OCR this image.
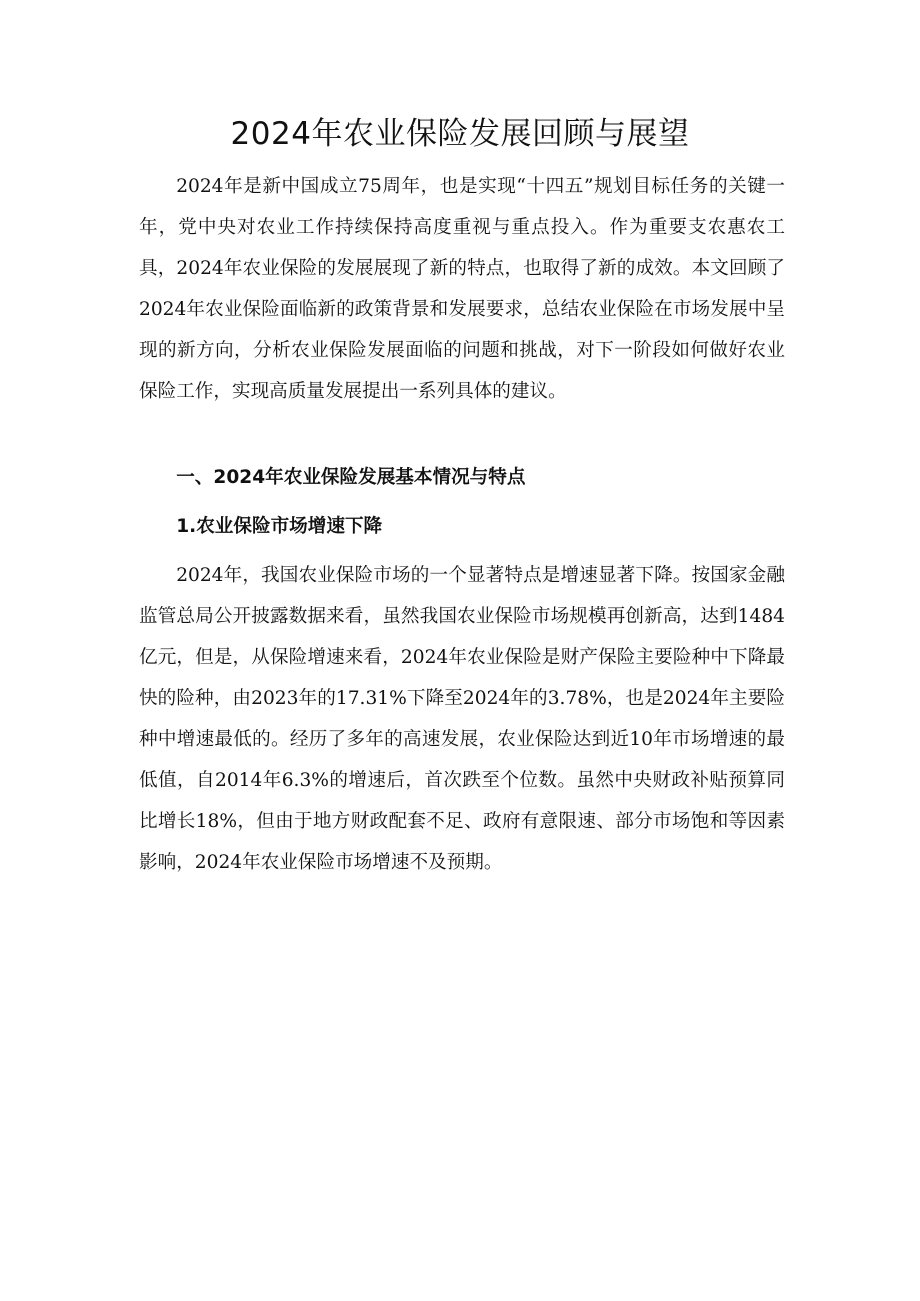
2024年农业保险发展回顾与展望

2024年是新中国成立75周年，也是实现“十四五”规划目标任务的关键一年，党中央对农业工作持续保持高度重视与重点投入。作为重要支农惠农工具，2024年农业保险的发展展现了新的特点，也取得了新的成效。本文回顾了2024年农业保险面临新的政策背景和发展要求，总结农业保险在市场发展中呈现的新方向，分析农业保险发展面临的问题和挑战，对下一阶段如何做好农业保险工作，实现高质量发展提出一系列具体的建议。

一、2024年农业保险发展基本情况与特点
1.农业保险市场增速下降

2024年，我国农业保险市场的一个显著特点是增速显著下降。按国家金融监管总局公开披露数据来看，虽然我国农业保险市场规模再创新高，达到1484亿元，但是，从保险增速来看，2024年农业保险是财产保险主要险种中下降最快的险种，由2023年的17.31%下降至2024年的3.78%，也是2024年主要险种中增速最低的。经历了多年的高速发展，农业保险达到近10年市场增速的最低值，自2014年6.3%的增速后，首次跌至个位数。虽然中央财政补贴预算同比增长18%，但由于地方财政配套不足、政府有意限速、部分市场饱和等因素影响，2024年农业保险市场增速不及预期。
